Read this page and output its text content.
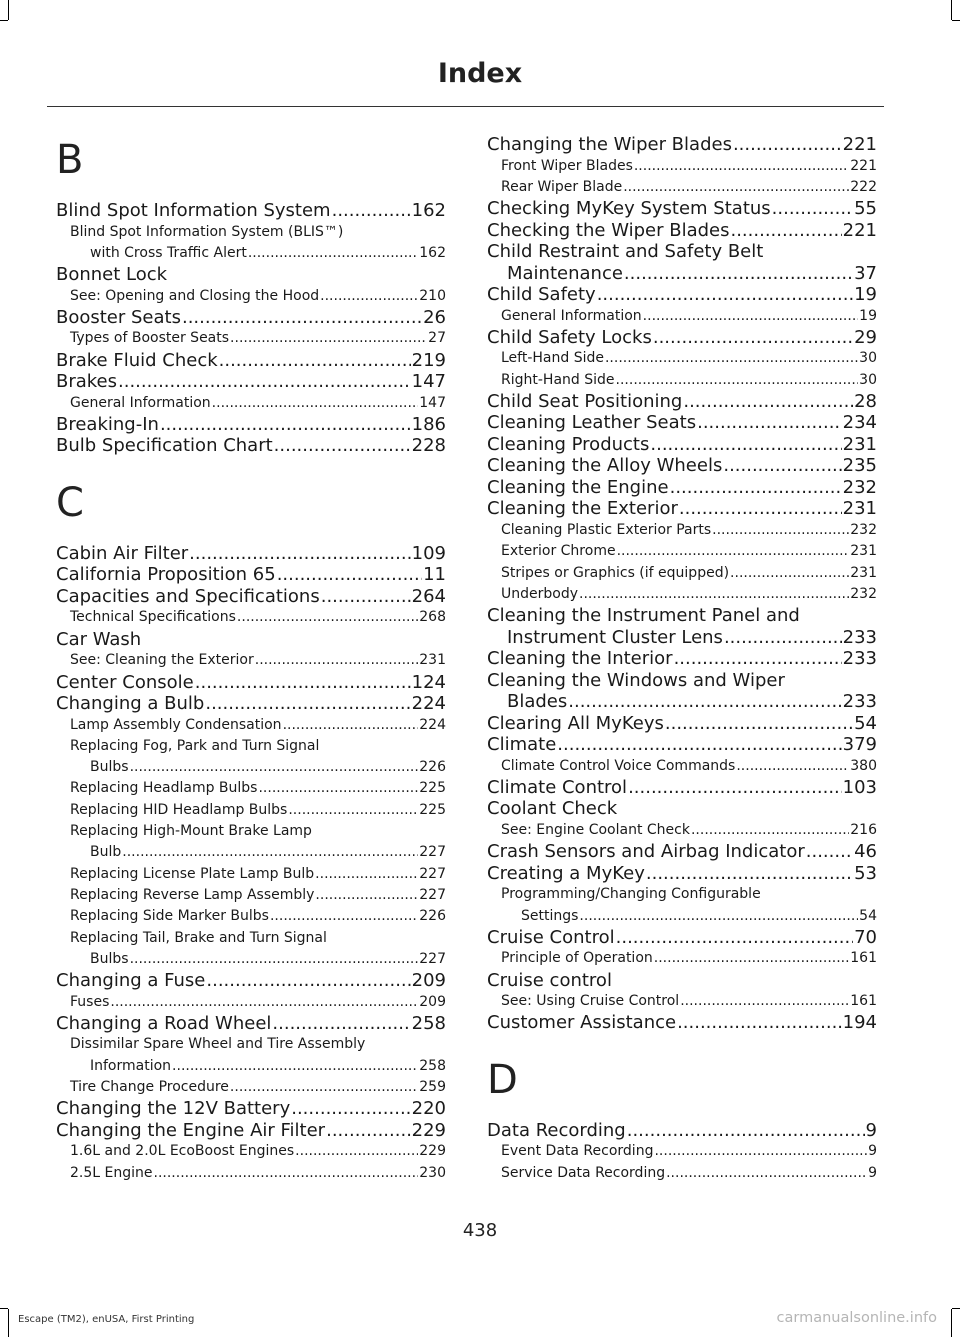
Index
B
Blind Spot Information System .....	162
Blind Spot Information System (BLIS™)
with Cross Traffic Alert .....	162
Bonnet Lock
See: Opening and Closing the Hood .....	210
Booster Seats .....	26
Types of Booster Seats .....	27
Brake Fluid Check .....	219
Brakes .....	147
General Information .....	147
Breaking-In .....	186
Bulb Specification Chart .....	228
C
Cabin Air Filter .....	109
California Proposition 65 .....	11
Capacities and Specifications .....	264
Technical Specifications .....	268
Car Wash
See: Cleaning the Exterior .....	231
Center Console .....	124
Changing a Bulb .....	224
Lamp Assembly Condensation .....	224
Replacing Fog, Park and Turn Signal
Bulbs .....	226
Replacing Headlamp Bulbs .....	225
Replacing HID Headlamp Bulbs .....	225
Replacing High-Mount Brake Lamp
Bulb .....	227
Replacing License Plate Lamp Bulb .....	227
Replacing Reverse Lamp Assembly .....	227
Replacing Side Marker Bulbs .....	226
Replacing Tail, Brake and Turn Signal
Bulbs .....	227
Changing a Fuse .....	209
Fuses .....	209
Changing a Road Wheel .....	258
Dissimilar Spare Wheel and Tire Assembly
Information .....	258
Tire Change Procedure .....	259
Changing the 12V Battery .....	220
Changing the Engine Air Filter .....	229
1.6L and 2.0L EcoBoost Engines .....	229
2.5L Engine .....	230
Changing the Wiper Blades .....	221
Front Wiper Blades .....	221
Rear Wiper Blade .....	222
Checking MyKey System Status .....	55
Checking the Wiper Blades .....	221
Child Restraint and Safety Belt
Maintenance .....	37
Child Safety .....	19
General Information .....	19
Child Safety Locks .....	29
Left-Hand Side .....	30
Right-Hand Side .....	30
Child Seat Positioning .....	28
Cleaning Leather Seats .....	234
Cleaning Products .....	231
Cleaning the Alloy Wheels .....	235
Cleaning the Engine .....	232
Cleaning the Exterior .....	231
Cleaning Plastic Exterior Parts .....	232
Exterior Chrome .....	231
Stripes or Graphics (if equipped) .....	231
Underbody .....	232
Cleaning the Instrument Panel and
Instrument Cluster Lens .....	233
Cleaning the Interior .....	233
Cleaning the Windows and Wiper
Blades .....	233
Clearing All MyKeys .....	54
Climate .....	379
Climate Control Voice Commands .....	380
Climate Control .....	103
Coolant Check
See: Engine Coolant Check .....	216
Crash Sensors and Airbag Indicator .....	46
Creating a MyKey .....	53
Programming/Changing Configurable
Settings .....	54
Cruise Control .....	70
Principle of Operation .....	161
Cruise control
See: Using Cruise Control .....	161
Customer Assistance .....	194
D
Data Recording .....	9
Event Data Recording .....	9
Service Data Recording .....	9
438
Escape (TM2), enUSA, First Printing	carmanualsonline.info
